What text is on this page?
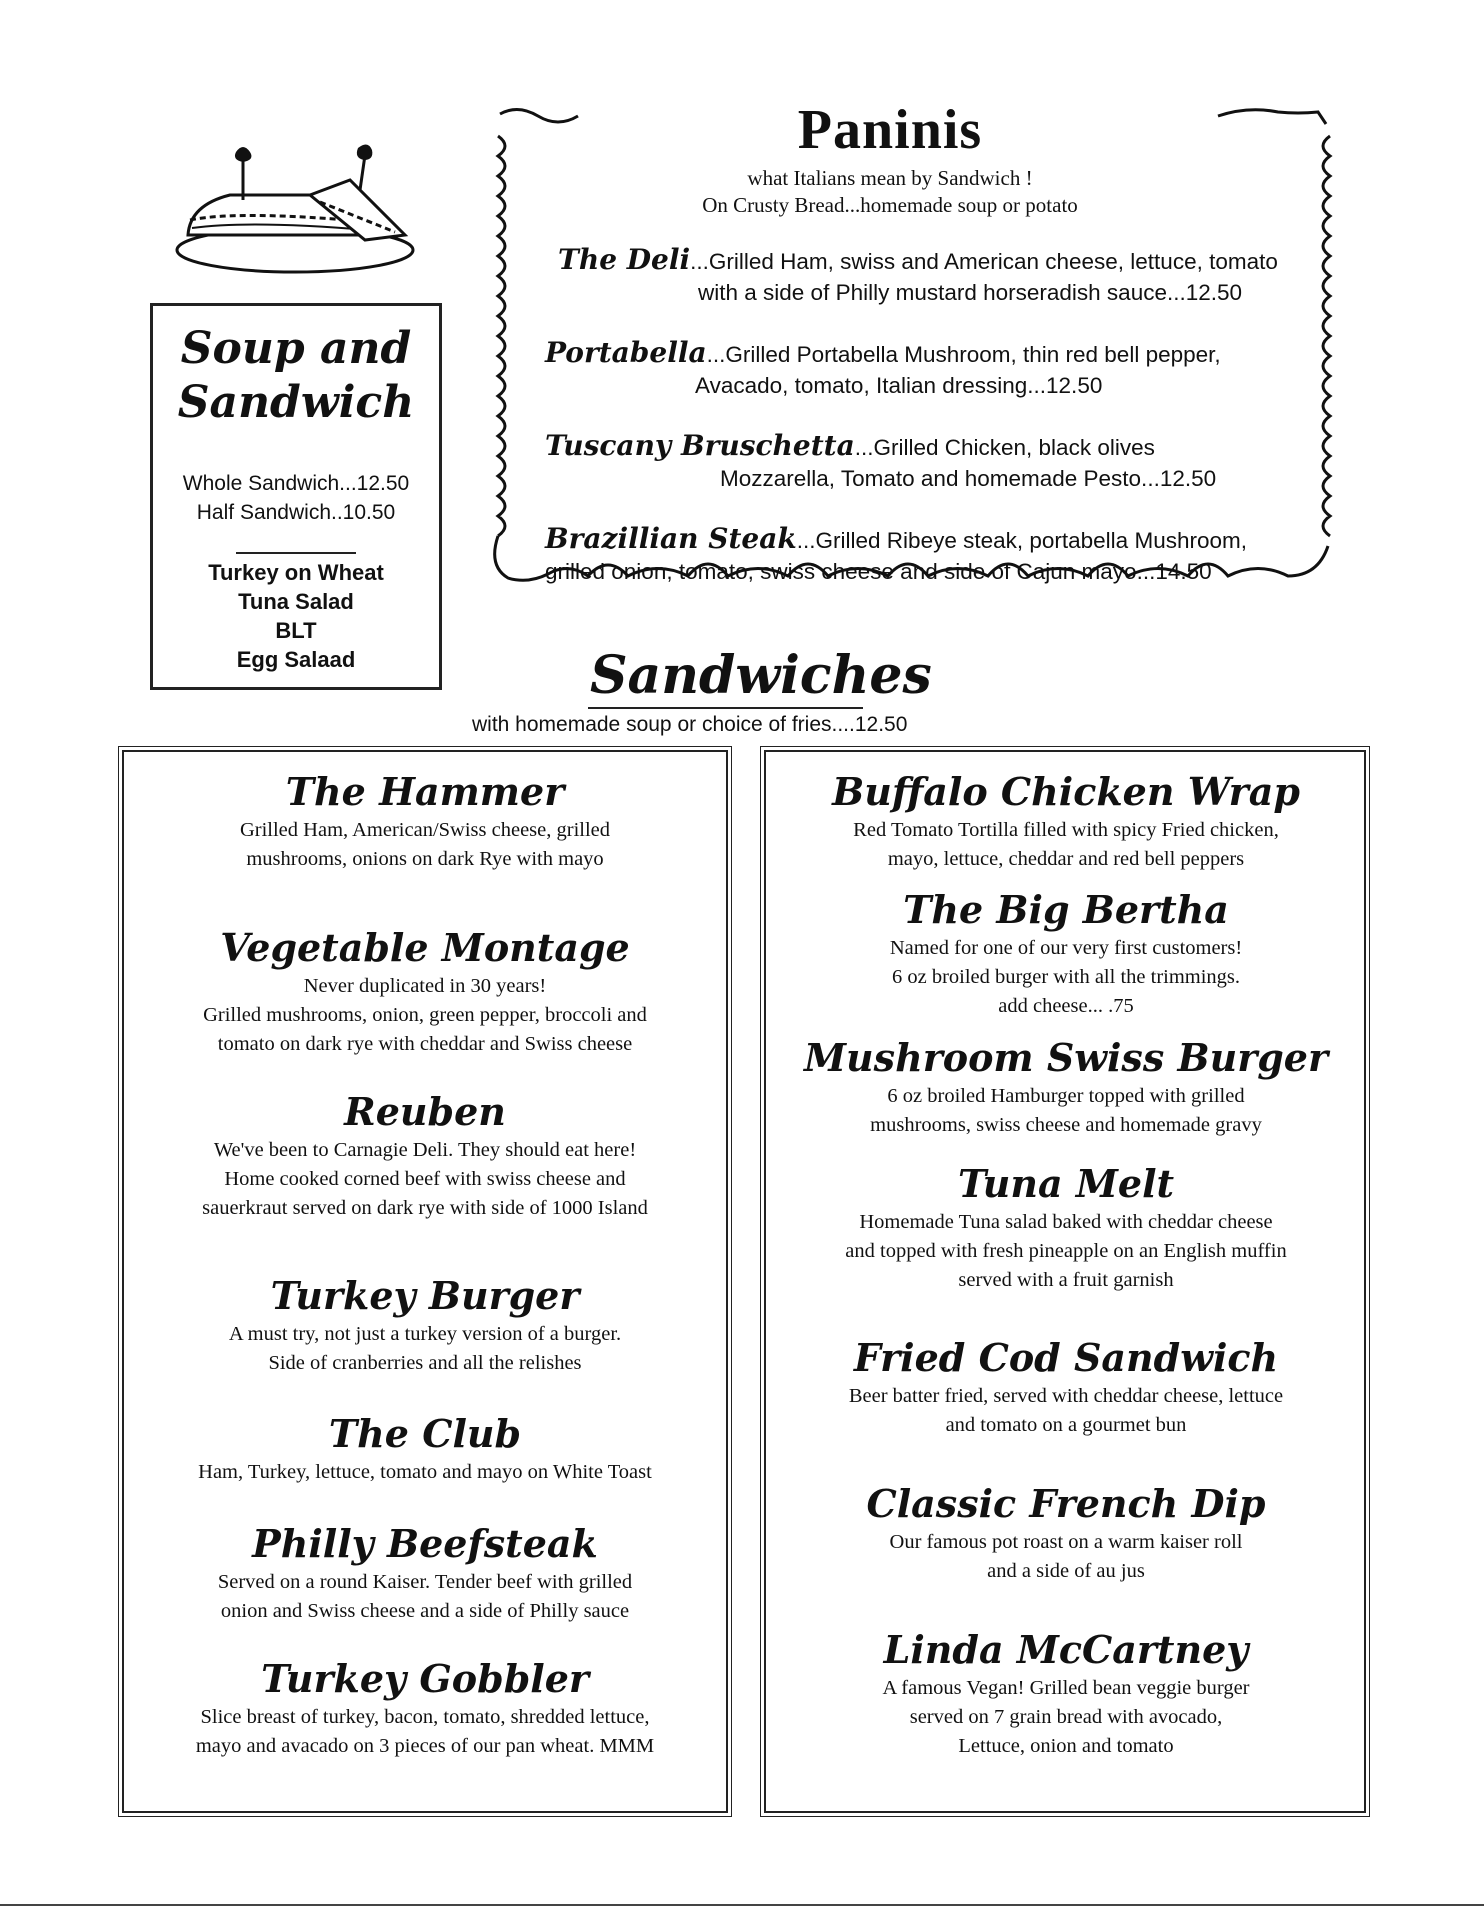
Paninis
what Italians mean by Sandwich !
On Crusty Bread...homemade soup or potato
The Deli...Grilled Ham, swiss and American cheese, lettuce, tomato
with a side of Philly mustard horseradish sauce...12.50
Portabella...Grilled Portabella Mushroom, thin red bell pepper,
Avacado, tomato, Italian dressing...12.50
Tuscany Bruschetta...Grilled Chicken, black olives
Mozzarella, Tomato and homemade Pesto...12.50
Brazillian Steak...Grilled Ribeye steak, portabella Mushroom,
grilled onion, tomato, swiss cheese and side of Cajun mayo...14.50
Soup and
Sandwich
Whole Sandwich...12.50
Half Sandwich..10.50
Turkey on Wheat
Tuna Salad
BLT
Egg Salaad	Sandwiches
with homemade soup or choice of fries....12.50
The Hammer
Grilled Ham, American/Swiss cheese, grilled
mushrooms, onions on dark Rye with mayo
Vegetable Montage
Never duplicated in 30 years!
Grilled mushrooms, onion, green pepper, broccoli and
tomato on dark rye with cheddar and Swiss cheese
Reuben
We've been to Carnagie Deli. They should eat here!
Home cooked corned beef with swiss cheese and
sauerkraut served on dark rye with side of 1000 Island
Turkey Burger
A must try, not just a turkey version of a burger.
Side of cranberries and all the relishes
The Club
Ham, Turkey, lettuce, tomato and mayo on White Toast
Philly Beefsteak
Served on a round Kaiser. Tender beef with grilled
onion and Swiss cheese and a side of Philly sauce
Turkey Gobbler
Slice breast of turkey, bacon, tomato, shredded lettuce,
mayo and avacado on 3 pieces of our pan wheat. MMM
Buffalo Chicken Wrap
Red Tomato Tortilla filled with spicy Fried chicken,
mayo, lettuce, cheddar and red bell peppers
The Big Bertha
Named for one of our very first customers!
6 oz broiled burger with all the trimmings.
add cheese... .75
Mushroom Swiss Burger
6 oz broiled Hamburger topped with grilled
mushrooms, swiss cheese and homemade gravy
Tuna Melt
Homemade Tuna salad baked with cheddar cheese
and topped with fresh pineapple on an English muffin
served with a fruit garnish
Fried Cod Sandwich
Beer batter fried, served with cheddar cheese, lettuce
and tomato on a gourmet bun
Classic French Dip
Our famous pot roast on a warm kaiser roll
and a side of au jus
Linda McCartney
A famous Vegan! Grilled bean veggie burger
served on 7 grain bread with avocado,
Lettuce, onion and tomato
